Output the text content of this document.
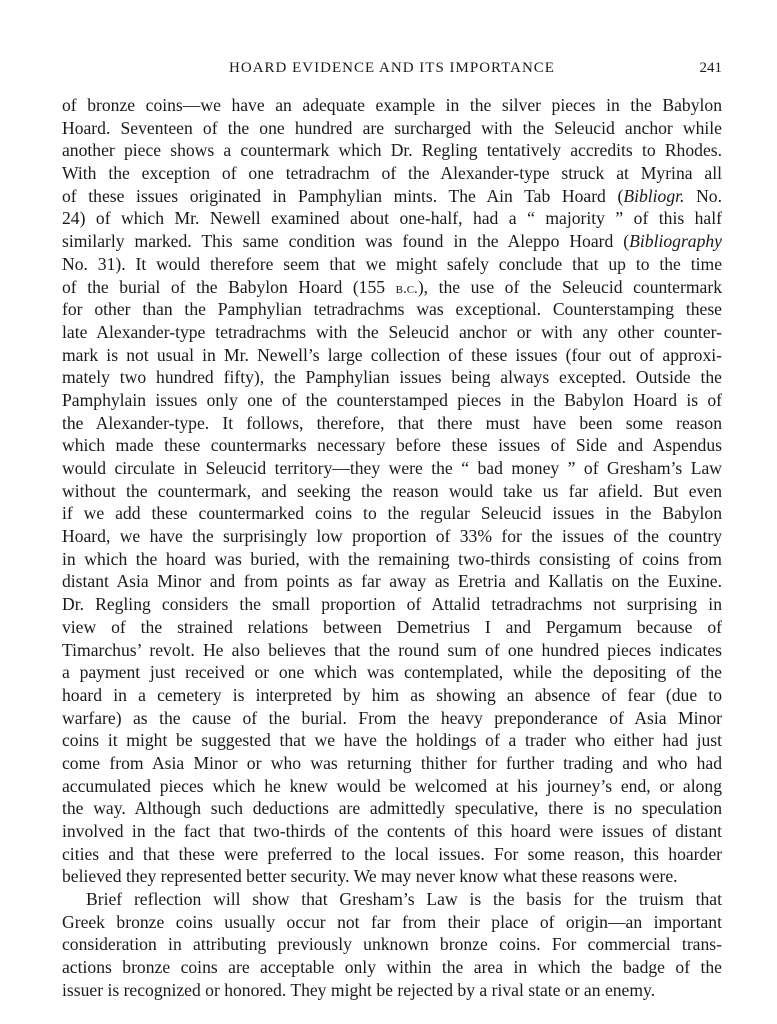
HOARD EVIDENCE AND ITS IMPORTANCE	241
of bronze coins—we have an adequate example in the silver pieces in the Babylon
Hoard. Seventeen of the one hundred are surcharged with the Seleucid anchor while
another piece shows a countermark which Dr. Regling tentatively accredits to Rhodes.
With the exception of one tetradrachm of the Alexander-type struck at Myrina all
of these issues originated in Pamphylian mints. The Ain Tab Hoard (Bibliogr. No.
24) of which Mr. Newell examined about one-half, had a “ majority ” of this half
similarly marked. This same condition was found in the Aleppo Hoard (Bibliography
No. 31). It would therefore seem that we might safely conclude that up to the time
of the burial of the Babylon Hoard (155 b.c.), the use of the Seleucid countermark
for other than the Pamphylian tetradrachms was exceptional. Counterstamping these
late Alexander-type tetradrachms with the Seleucid anchor or with any other counter-
mark is not usual in Mr. Newell’s large collection of these issues (four out of approxi-
mately two hundred fifty), the Pamphylian issues being always excepted. Outside the
Pamphylain issues only one of the counterstamped pieces in the Babylon Hoard is of
the Alexander-type. It follows, therefore, that there must have been some reason
which made these countermarks necessary before these issues of Side and Aspendus
would circulate in Seleucid territory—they were the “ bad money ” of Gresham’s Law
without the countermark, and seeking the reason would take us far afield. But even
if we add these countermarked coins to the regular Seleucid issues in the Babylon
Hoard, we have the surprisingly low proportion of 33% for the issues of the country
in which the hoard was buried, with the remaining two-thirds consisting of coins from
distant Asia Minor and from points as far away as Eretria and Kallatis on the Euxine.
Dr. Regling considers the small proportion of Attalid tetradrachms not surprising in
view of the strained relations between Demetrius I and Pergamum because of
Timarchus’ revolt. He also believes that the round sum of one hundred pieces indicates
a payment just received or one which was contemplated, while the depositing of the
hoard in a cemetery is interpreted by him as showing an absence of fear (due to
warfare) as the cause of the burial. From the heavy preponderance of Asia Minor
coins it might be suggested that we have the holdings of a trader who either had just
come from Asia Minor or who was returning thither for further trading and who had
accumulated pieces which he knew would be welcomed at his journey’s end, or along
the way. Although such deductions are admittedly speculative, there is no speculation
involved in the fact that two-thirds of the contents of this hoard were issues of distant
cities and that these were preferred to the local issues. For some reason, this hoarder
believed they represented better security. We may never know what these reasons were.
Brief reflection will show that Gresham’s Law is the basis for the truism that
Greek bronze coins usually occur not far from their place of origin—an important
consideration in attributing previously unknown bronze coins. For commercial trans-
actions bronze coins are acceptable only within the area in which the badge of the
issuer is recognized or honored. They might be rejected by a rival state or an enemy.
